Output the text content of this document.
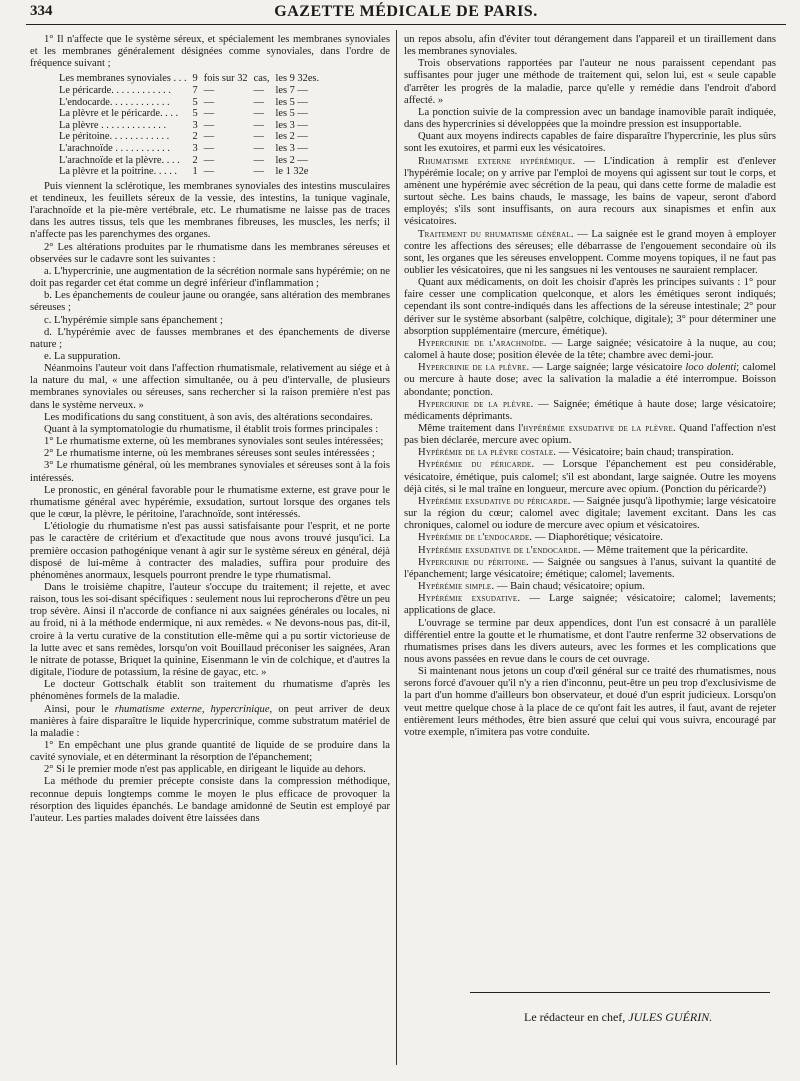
334	GAZETTE MÉDICALE DE PARIS.

1° Il n'affecte que le système séreux, et spécialement les membranes synoviales et les membranes généralement désignées comme synoviales, dans l'ordre de fréquence suivant ;

Les membranes synoviales . . .	9	fois sur 32	cas,	les 9 32es.
Le péricarde. . . . . . . . . . . .	7	—	—	les 7 —
L'endocarde. . . . . . . . . . . .	5	—	—	les 5 —
La plèvre et le péricarde. . . .	5	—	—	les 5 —
La plèvre . . . . . . . . . . . . .	3	—	—	les 3 —
Le péritoine. . . . . . . . . . . .	2	—	—	les 2 —
L'arachnoïde . . . . . . . . . . .	3	—	—	les 3 —
L'arachnoïde et la plèvre. . . .	2	—	—	les 2 —
La plèvre et la poitrine. . . . .	1	—	—	le 1 32e

Puis viennent la sclérotique, les membranes synoviales des intestins musculaires et tendineux, les feuillets séreux de la vessie, des intestins, la tunique vaginale, l'arachnoïde et la pie-mère vertébrale, etc. Le rhumatisme ne laisse pas de traces dans les autres tissus, tels que les membranes fibreuses, les muscles, les nerfs; il n'affecte pas les parenchymes des organes.

2° Les altérations produites par le rhumatisme dans les membranes séreuses et observées sur le cadavre sont les suivantes :

a. L'hypercrinie, une augmentation de la sécrétion normale sans hypérémie; on ne doit pas regarder cet état comme un degré inférieur d'inflammation ;

b. Les épanchements de couleur jaune ou orangée, sans altération des membranes séreuses ;

c. L'hypérémie simple sans épanchement ;

d. L'hypérémie avec de fausses membranes et des épanchements de diverse nature ;

e. La suppuration.

Néanmoins l'auteur voit dans l'affection rhumatismale, relativement au siége et à la nature du mal, « une affection simultanée, ou à peu d'intervalle, de plusieurs membranes synoviales ou séreuses, sans rechercher si la raison première n'est pas dans le système nerveux. »

Les modifications du sang constituent, à son avis, des altérations secondaires.

Quant à la symptomatologie du rhumatisme, il établit trois formes principales :

1° Le rhumatisme externe, où les membranes synoviales sont seules intéressées;

2° Le rhumatisme interne, où les membranes séreuses sont seules intéressées ;

3° Le rhumatisme général, où les membranes synoviales et séreuses sont à la fois intéressés.

Le pronostic, en général favorable pour le rhumatisme externe, est grave pour le rhumatisme général avec hypérémie, exsudation, surtout lorsque des organes tels que le cœur, la plèvre, le péritoine, l'arachnoïde, sont intéressés.

L'étiologie du rhumatisme n'est pas aussi satisfaisante pour l'esprit, et ne porte pas le caractère de critérium et d'exactitude que nous avons trouvé jusqu'ici. La première occasion pathogénique venant à agir sur le système séreux en général, déjà disposé de lui-même à contracter des maladies, suffira pour produire des phénomènes anormaux, lesquels pourront prendre le type rhumatismal.

Dans le troisième chapitre, l'auteur s'occupe du traitement; il rejette, et avec raison, tous les soi-disant spécifiques : seulement nous lui reprocherons d'être un peu trop sévère. Ainsi il n'accorde de confiance ni aux saignées générales ou locales, ni au froid, ni à la méthode endermique, ni aux remèdes. « Ne devons-nous pas, dit-il, croire à la vertu curative de la constitution elle-même qui a pu sortir victorieuse de la lutte avec et sans remèdes, lorsqu'on voit Bouillaud préconiser les saignées, Aran le nitrate de potasse, Briquet la quinine, Eisenmann le vin de colchique, et d'autres la digitale, l'iodure de potassium, la résine de gayac, etc. »

Le docteur Gottschalk établit son traitement du rhumatisme d'après les phénomènes formels de la maladie.

Ainsi, pour le rhumatisme externe, hypercrinique, on peut arriver de deux manières à faire disparaître le liquide hypercrinique, comme substratum matériel de la maladie :

1° En empêchant une plus grande quantité de liquide de se produire dans la cavité synoviale, et en déterminant la résorption de l'épanchement;

2° Si le premier mode n'est pas applicable, en dirigeant le liquide au dehors.

La méthode du premier précepte consiste dans la compression méthodique, reconnue depuis longtemps comme le moyen le plus efficace de provoquer la résorption des liquides épanchés. Le bandage amidonné de Seutin est employé par l'auteur. Les parties malades doivent être laissées dans

un repos absolu, afin d'éviter tout dérangement dans l'appareil et un tiraillement dans les membranes synoviales.

Trois observations rapportées par l'auteur ne nous paraissent cependant pas suffisantes pour juger une méthode de traitement qui, selon lui, est « seule capable d'arrêter les progrès de la maladie, parce qu'elle y remédie dans l'endroit d'abord affecté. »

La ponction suivie de la compression avec un bandage inamovible paraît indiquée, dans des hypercrinies si développées que la moindre pression est insupportable.

Quant aux moyens indirects capables de faire disparaître l'hypercrinie, les plus sûrs sont les exutoires, et parmi eux les vésicatoires.

Rhumatisme externe hypérémique. — L'indication à remplir est d'enlever l'hypérémie locale; on y arrive par l'emploi de moyens qui agissent sur tout le corps, et amènent une hypérémie avec sécrétion de la peau, qui dans cette forme de maladie est surtout sèche. Les bains chauds, le massage, les bains de vapeur, seront d'abord employés; s'ils sont insuffisants, on aura recours aux sinapismes et enfin aux vésicatoires.

Traitement du rhumatisme général. — La saignée est le grand moyen à employer contre les affections des séreuses; elle débarrasse de l'engouement secondaire où ils sont, les organes que les séreuses enveloppent. Comme moyens topiques, il ne faut pas oublier les vésicatoires, que ni les sangsues ni les ventouses ne sauraient remplacer.

Quant aux médicaments, on doit les choisir d'après les principes suivants : 1° pour faire cesser une complication quelconque, et alors les émétiques seront indiqués; cependant ils sont contre-indiqués dans les affections de la séreuse intestinale; 2° pour dériver sur le système absorbant (salpêtre, colchique, digitale); 3° pour déterminer une absorption supplémentaire (mercure, émétique).

Hypercrinie de l'arachnoïde. — Large saignée; vésicatoire à la nuque, au cou; calomel à haute dose; position élevée de la tête; chambre avec demi-jour.

Hypercrinie de la plèvre. — Large saignée; large vésicatoire loco dolenti; calomel ou mercure à haute dose; avec la salivation la maladie a été interrompue. Boisson abondante; ponction.

Hypercrinie de la plèvre. — Saignée; émétique à haute dose; large vésicatoire; médicaments déprimants.

Même traitement dans l'hypérémie exsudative de la plèvre. Quand l'affection n'est pas bien déclarée, mercure avec opium.

Hypérémie de la plèvre costale. — Vésicatoire; bain chaud; transpiration.

Hypérémie du péricarde. — Lorsque l'épanchement est peu considérable, vésicatoire, émétique, puis calomel; s'il est abondant, large saignée. Outre les moyens déjà cités, si le mal traîne en longueur, mercure avec opium. (Ponction du péricarde?)

Hypérémie exsudative du péricarde. — Saignée jusqu'à lipothymie; large vésicatoire sur la région du cœur; calomel avec digitale; lavement excitant. Dans les cas chroniques, calomel ou iodure de mercure avec opium et vésicatoires.

Hypérémie de l'endocarde. — Diaphorétique; vésicatoire.

Hypérémie exsudative de l'endocarde. — Même traitement que la péricardite.

Hypercrinie du péritoine. — Saignée ou sangsues à l'anus, suivant la quantité de l'épanchement; large vésicatoire; émétique; calomel; lavements.

Hypérémie simple. — Bain chaud; vésicatoire; opium.

Hypérémie exsudative. — Large saignée; vésicatoire; calomel; lavements; applications de glace.

L'ouvrage se termine par deux appendices, dont l'un est consacré à un parallèle différentiel entre la goutte et le rhumatisme, et dont l'autre renferme 32 observations de rhumatismes prises dans les divers auteurs, avec les formes et les complications que nous avons passées en revue dans le cours de cet ouvrage.

Si maintenant nous jetons un coup d'œil général sur ce traité des rhumatismes, nous serons forcé d'avouer qu'il n'y a rien d'inconnu, peut-être un peu trop d'exclusivisme de la part d'un homme d'ailleurs bon observateur, et doué d'un esprit judicieux. Lorsqu'on veut mettre quelque chose à la place de ce qu'ont fait les autres, il faut, avant de rejeter entièrement leurs méthodes, être bien assuré que celui qui vous suivra, encouragé par votre exemple, n'imitera pas votre conduite.

Le rédacteur en chef, JULES GUÉRIN.
